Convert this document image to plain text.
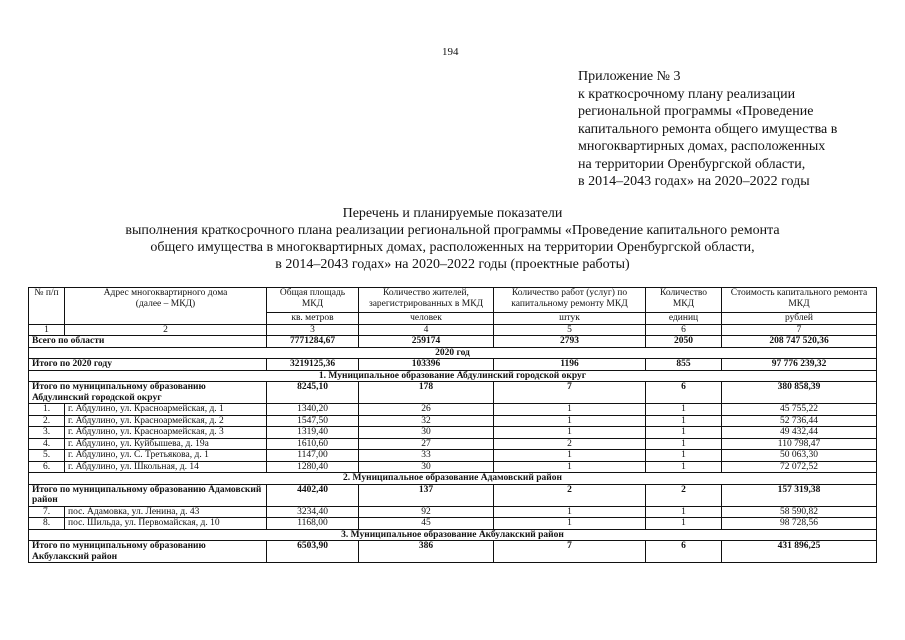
194
Приложение № 3
к краткосрочному плану реализации
региональной программы «Проведение
капитального ремонта общего имущества в
многоквартирных домах, расположенных
на территории Оренбургской области,
в 2014–2043 годах» на 2020–2022 годы
Перечень и планируемые показатели
выполнения краткосрочного плана реализации региональной программы «Проведение капитального ремонта
общего имущества в многоквартирных домах, расположенных на территории Оренбургской области,
в 2014–2043 годах» на 2020–2022 годы (проектные работы)
№ п/п	Адрес многоквартирного дома (далее – МКД)	Общая площадь МКД	Количество жителей, зарегистрированных в МКД	Количество работ (услуг) по капитальному ремонту МКД	Количество МКД	Стоимость капитального ремонта МКД
		кв. метров	человек	штук	единиц	рублей
1	2	3	4	5	6	7
Всего по области		7771284,67	259174	2793	2050	208 747 520,36
2020 год						
Итого по 2020 году		3219125,36	103396	1196	855	97 776 239,32
1. Муниципальное образование Абдулинский городской округ						
Итого по муниципальному образованию Абдулинский городской округ		8245,10	178	7	6	380 858,39
1.	г. Абдулино, ул. Красноармейская, д. 1	1340,20	26	1	1	45 755,22
2.	г. Абдулино, ул. Красноармейская, д. 2	1547,50	32	1	1	52 736,44
3.	г. Абдулино, ул. Красноармейская, д. 3	1319,40	30	1	1	49 432,44
4.	г. Абдулино, ул. Куйбышева, д. 19а	1610,60	27	2	1	110 798,47
5.	г. Абдулино, ул. С. Третьякова, д. 1	1147,00	33	1	1	50 063,30
6.	г. Абдулино, ул. Школьная, д. 14	1280,40	30	1	1	72 072,52
2. Муниципальное образование Адамовский район						
Итого по муниципальному образованию Адамовский район		4402,40	137	2	2	157 319,38
7.	пос. Адамовка, ул. Ленина, д. 43	3234,40	92	1	1	58 590,82
8.	пос. Шильда, ул. Первомайская, д. 10	1168,00	45	1	1	98 728,56
3. Муниципальное образование Акбулакский район						
Итого по муниципальному образованию Акбулакский район		6503,90	386	7	6	431 896,25
